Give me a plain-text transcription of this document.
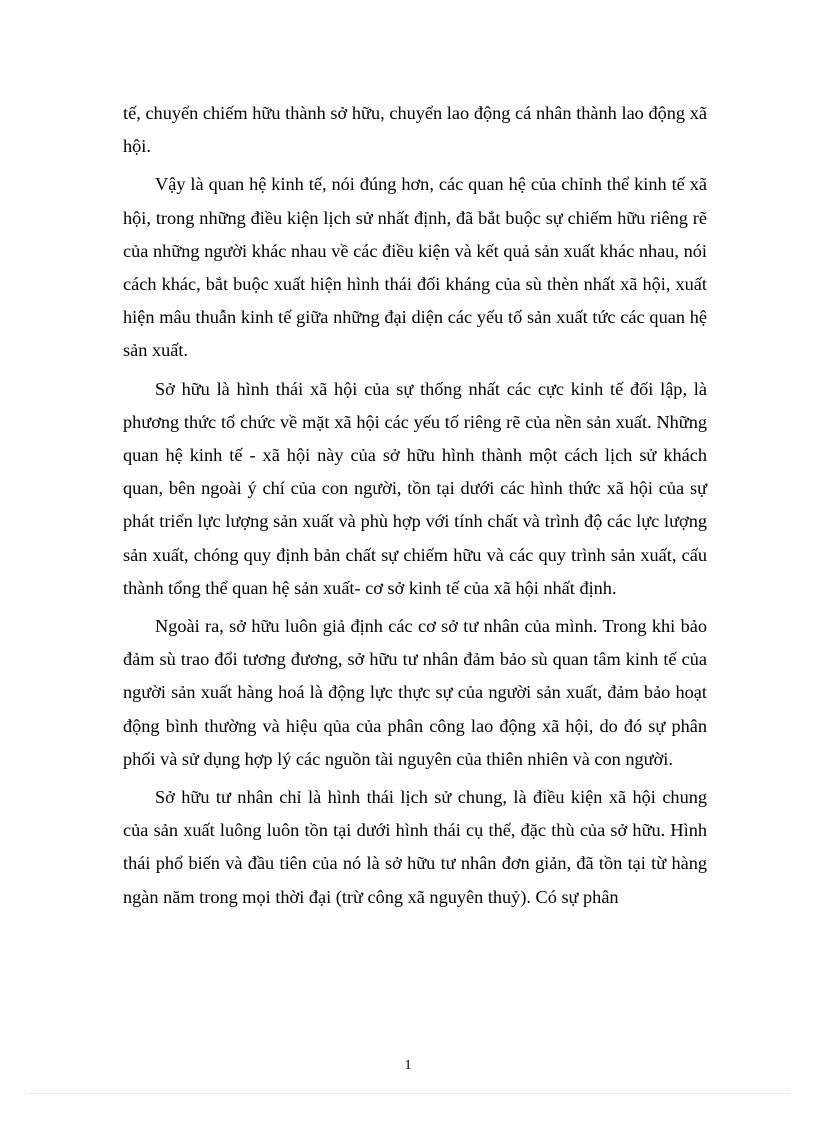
tế, chuyển chiếm hữu thành sở hữu, chuyển lao động cá nhân thành lao động xã hội.

Vậy là quan hệ kinh tế, nói đúng hơn, các quan hệ của chỉnh thể kinh tế xã hội, trong những điều kiện lịch sử nhất định, đã bắt buộc sự chiếm hữu riêng rẽ của những người khác nhau về các điều kiện và kết quả sản xuất khác nhau, nói cách khác, bắt buộc xuất hiện hình thái đối kháng của sù thèn nhất xã hội, xuất hiện mâu thuẫn kinh tế giữa những đại diện các yếu tố sản xuất tức các quan hệ sản xuất.

Sở hữu là hình thái xã hội của sự thống nhất các cực kinh tế đối lập, là phương thức tổ chức về mặt xã hội các yếu tố riêng rẽ của nền sản xuất. Những quan hệ kinh tế - xã hội này của sở hữu hình thành một cách lịch sử khách quan, bên ngoài ý chí của con người, tồn tại dưới các hình thức xã hội của sự phát triển lực lượng sản xuất và phù hợp với tính chất và trình độ các lực lượng sản xuất, chóng quy định bản chất sự chiếm hữu và các quy trình sản xuất, cấu thành tổng thể quan hệ sản xuất- cơ sở kinh tế của xã hội nhất định.

Ngoài ra, sở hữu luôn giả định các cơ sở tư nhân của mình. Trong khi bảo đảm sù trao đổi tương đương, sở hữu tư nhân đảm bảo sù quan tâm kinh tế của người sản xuất hàng hoá là động lực thực sự của người sản xuất, đảm bảo hoạt động bình thường và hiệu qủa của phân công lao động xã hội, do đó sự phân phối và sử dụng hợp lý các nguồn tài nguyên của thiên nhiên và con người.

Sở hữu tư nhân chỉ là hình thái lịch sử chung, là điều kiện xã hội chung của sản xuất luông luôn tồn tại dưới hình thái cụ thể, đặc thù của sở hữu. Hình thái phổ biến và đầu tiên của nó là sở hữu tư nhân đơn giản, đã tồn tại từ hàng ngàn năm trong mọi thời đại (trừ công xã nguyên thuỷ). Có sự phân

1
